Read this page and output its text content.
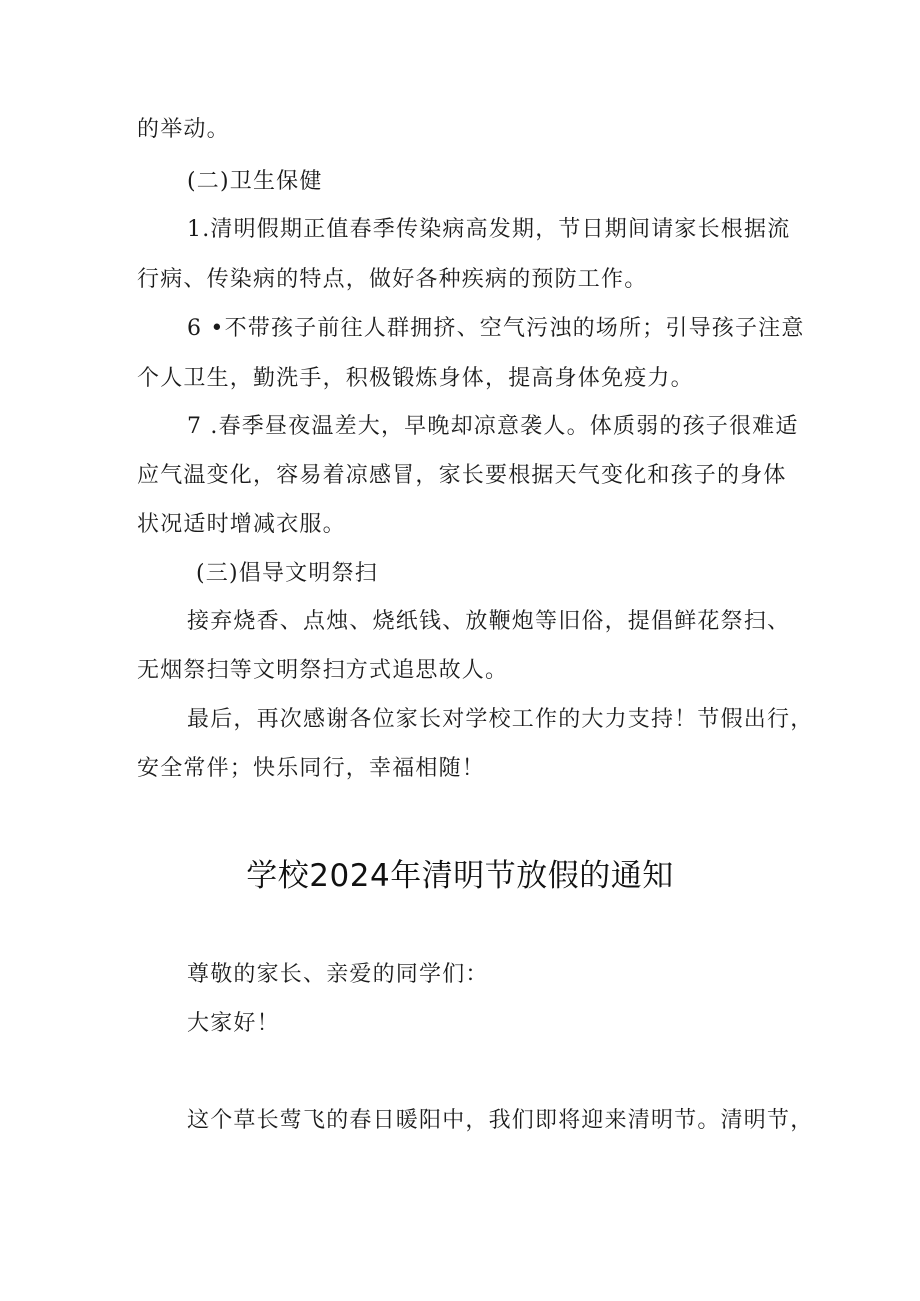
的举动。
(二)卫生保健
1.清明假期正值春季传染病高发期，节日期间请家长根据流
行病、传染病的特点，做好各种疾病的预防工作。
6 •不带孩子前往人群拥挤、空气污浊的场所；引导孩子注意
个人卫生，勤洗手，积极锻炼身体，提高身体免疫力。
7 .春季昼夜温差大，早晚却凉意袭人。体质弱的孩子很难适
应气温变化，容易着凉感冒，家长要根据天气变化和孩子的身体
状况适时增减衣服。
(三)倡导文明祭扫
接弃烧香、点烛、烧纸钱、放鞭炮等旧俗，提倡鲜花祭扫、
无烟祭扫等文明祭扫方式追思故人。
最后，再次感谢各位家长对学校工作的大力支持！节假出行，
安全常伴；快乐同行，幸福相随！
学校2024年清明节放假的通知
尊敬的家长、亲爱的同学们：
大家好！
这个草长莺飞的春日暖阳中，我们即将迎来清明节。清明节，
